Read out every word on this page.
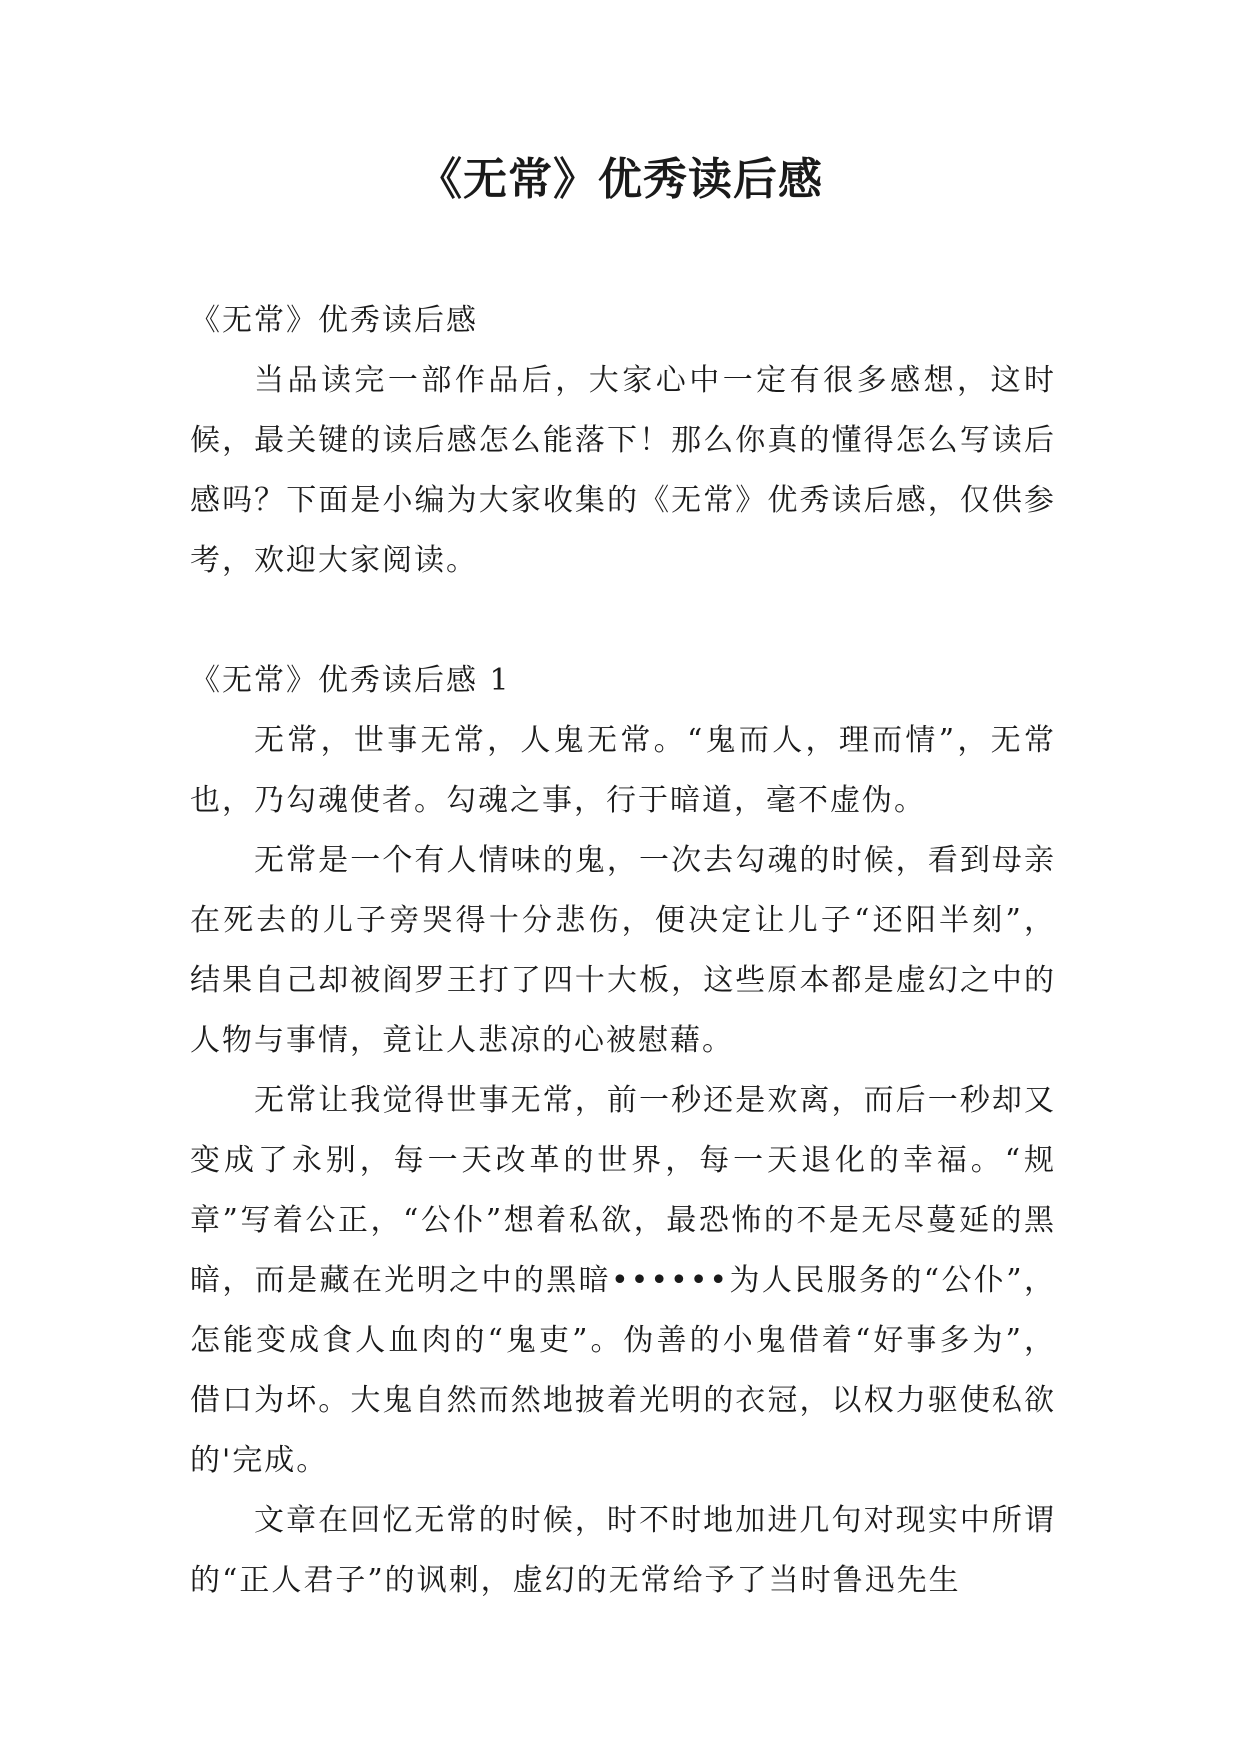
《无常》优秀读后感

《无常》优秀读后感

当品读完一部作品后，大家心中一定有很多感想，这时候，最关键的读后感怎么能落下！那么你真的懂得怎么写读后感吗？下面是小编为大家收集的《无常》优秀读后感，仅供参考，欢迎大家阅读。

《无常》优秀读后感 1

无常，世事无常，人鬼无常。“鬼而人，理而情”，无常也，乃勾魂使者。勾魂之事，行于暗道，毫不虚伪。

无常是一个有人情味的鬼，一次去勾魂的时候，看到母亲在死去的儿子旁哭得十分悲伤，便决定让儿子“还阳半刻”，结果自己却被阎罗王打了四十大板，这些原本都是虚幻之中的人物与事情，竟让人悲凉的心被慰藉。

无常让我觉得世事无常，前一秒还是欢离，而后一秒却又变成了永别，每一天改革的世界，每一天退化的幸福。“规章”写着公正，“公仆”想着私欲，最恐怖的不是无尽蔓延的黑暗，而是藏在光明之中的黑暗••••••为人民服务的“公仆”，怎能变成食人血肉的“鬼吏”。伪善的小鬼借着“好事多为”，借口为坏。大鬼自然而然地披着光明的衣冠，以权力驱使私欲的'完成。

文章在回忆无常的时候，时不时地加进几句对现实中所谓的“正人君子”的讽刺，虚幻的无常给予了当时鲁迅先生
